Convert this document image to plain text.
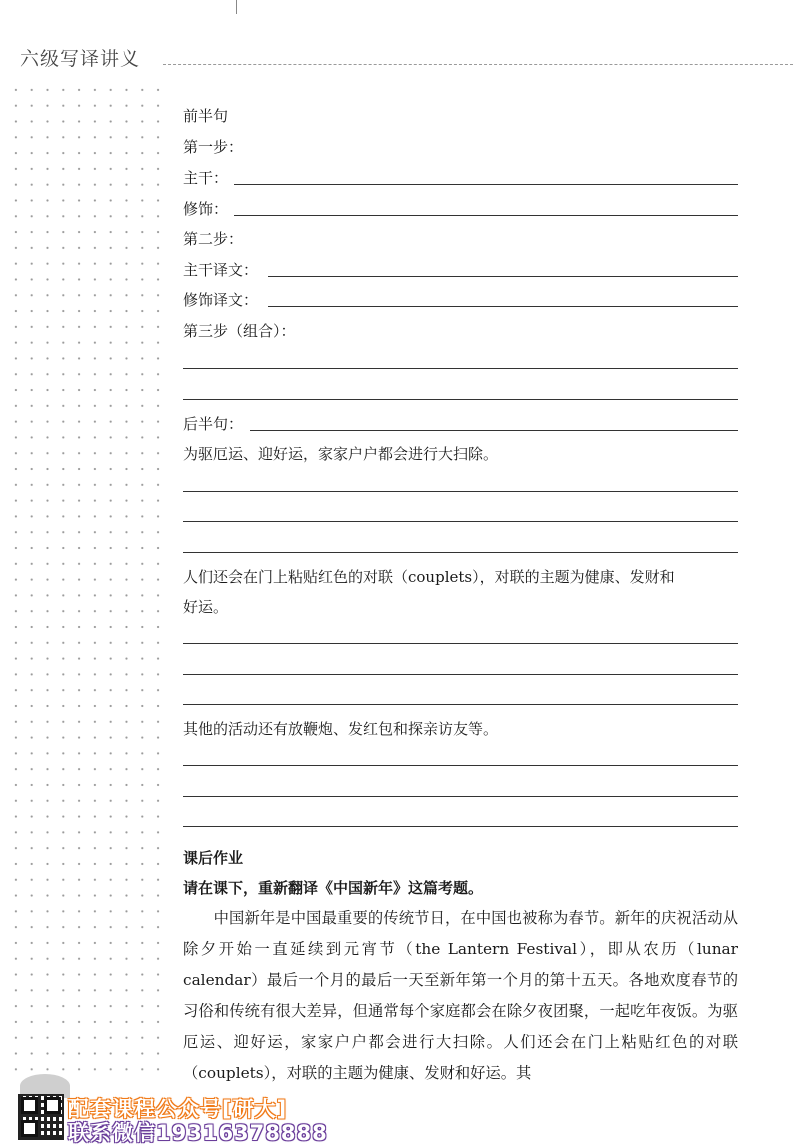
六级写译讲义
前半句
第一步：
主干：
修饰：
第二步：
主干译文：
修饰译文：
第三步（组合）：
后半句：
为驱厄运、迎好运，家家户户都会进行大扫除。
人们还会在门上粘贴红色的对联（couplets），对联的主题为健康、发财和
好运。
其他的活动还有放鞭炮、发红包和探亲访友等。
课后作业
请在课下，重新翻译《中国新年》这篇考题。
中国新年是中国最重要的传统节日，在中国也被称为春节。新年的庆祝活动从除夕开始一直延续到元宵节（the Lantern Festival），即从农历（lunar calendar）最后一个月的最后一天至新年第一个月的第十五天。各地欢度春节的习俗和传统有很大差异，但通常每个家庭都会在除夕夜团聚，一起吃年夜饭。为驱厄运、迎好运，家家户户都会进行大扫除。人们还会在门上粘贴红色的对联（couplets），对联的主题为健康、发财和好运。其
配套课程公众号[研大]
联系微信19316378888
